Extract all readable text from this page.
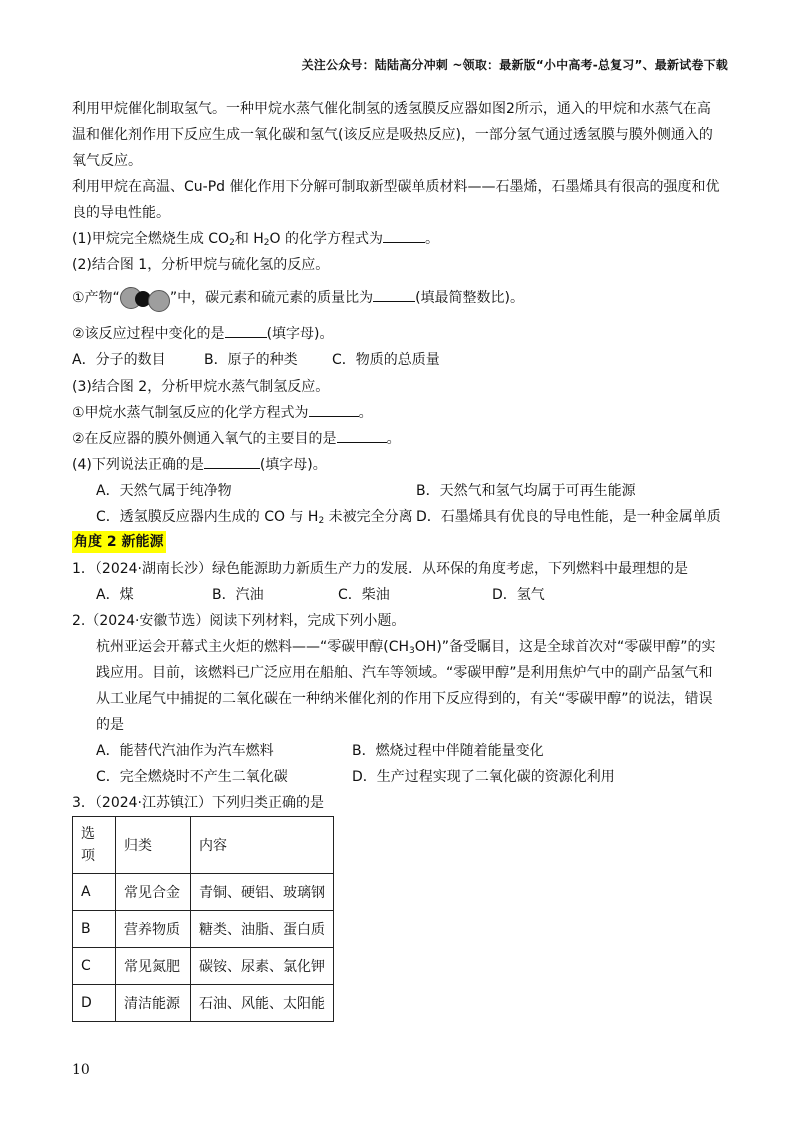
关注公众号：陆陆高分冲刺 ~领取：最新版“小中高考-总复习”、最新试卷下载
利用甲烷催化制取氢气。一种甲烷水蒸气催化制氢的透氢膜反应器如图2所示，通入的甲烷和水蒸气在高
温和催化剂作用下反应生成一氧化碳和氢气(该反应是吸热反应)，一部分氢气通过透氢膜与膜外侧通入的
氧气反应。
利用甲烷在高温、Cu-Pd 催化作用下分解可制取新型碳单质材料——石墨烯，石墨烯具有很高的强度和优
良的导电性能。
(1)甲烷完全燃烧生成 $CO_2$和 $H_2O$ 的化学方程式为	。
(2)结合图 1，分析甲烷与硫化氢的反应。
①产物“	”中，碳元素和硫元素的质量比为	(填最简整数比)。
②该反应过程中变化的是	(填字母)。
A．分子的数目	B．原子的种类 C．物质的总质量
(3)结合图 2，分析甲烷水蒸气制氢反应。
①甲烷水蒸气制氢反应的化学方程式为	。
②在反应器的膜外侧通入氧气的主要目的是	。
(4)下列说法正确的是	(填字母)。
A．天然气属于纯净物	B．天然气和氢气均属于可再生能源
C．透氢膜反应器内生成的 CO 与 $H_2$ 未被完全分离 D．石墨烯具有优良的导电性能，是一种金属单质
角度 2 新能源
1．（2024·湖南长沙）绿色能源助力新质生产力的发展．从环保的角度考虑，下列燃料中最理想的是
A．煤	B．汽油	C．柴油	D．氢气
2.（2024·安徽节选）阅读下列材料，完成下列小题。
杭州亚运会开幕式主火炬的燃料——“零碳甲醇$(CH_3OH)$”备受瞩目，这是全球首次对“零碳甲醇”的实
践应用。目前，该燃料已广泛应用在船舶、汽车等领域。“零碳甲醇”是利用焦炉气中的副产品氢气和
从工业尾气中捕捉的二氧化碳在一种纳米催化剂的作用下反应得到的，有关“零碳甲醇”的说法，错误
的是
A．能替代汽油作为汽车燃料	B．燃烧过程中伴随着能量变化
C．完全燃烧时不产生二氧化碳	D．生产过程实现了二氧化碳的资源化利用
3．（2024·江苏镇江）下列归类正确的是
选项	归类	内容
A	常见合金	青铜、硬铝、玻璃钢
B	营养物质	糖类、油脂、蛋白质
C	常见氮肥	碳铵、尿素、氯化钾
D	清洁能源	石油、风能、太阳能
10
